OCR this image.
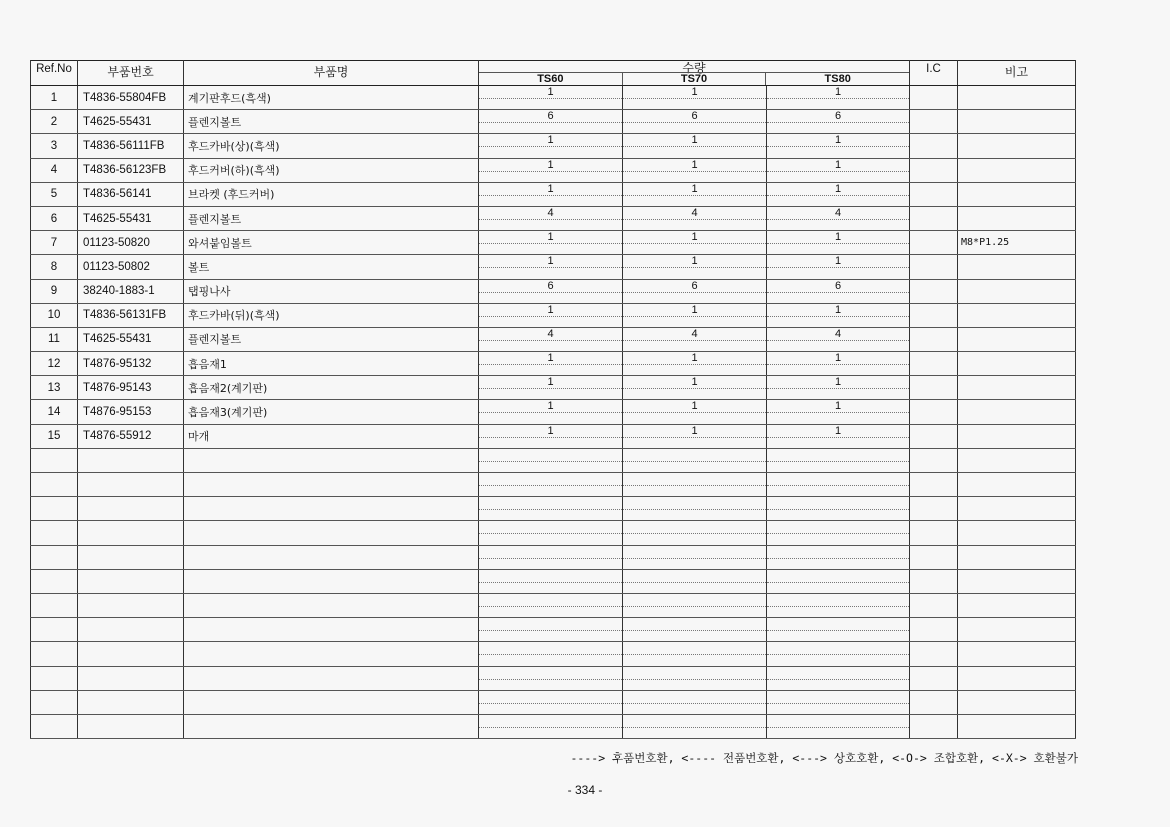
Ref.No	부품번호	부품명	수량
TS60 TS70 TS80			I.C	비고
1	T4836-55804FB	계기판후드(흑색)	1	1	1		

2	T4625-55431	플렌지볼트	6	6	6		

3	T4836-56111FB	후드카바(상)(흑색)	1	1	1		

4	T4836-56123FB	후드커버(하)(흑색)	1	1	1		

5	T4836-56141	브라켓 (후드커버)	1	1	1		

6	T4625-55431	플렌지볼트	4	4	4		

7	01123-50820	와셔붙임볼트	1	1	1		M8*P1.25
8	01123-50802	볼트	1	1	1		

9	38240-1883-1	탭핑나사	6	6	6		

10	T4836-56131FB	후드카바(뒤)(흑색)	1	1	1		

11	T4625-55431	플렌지볼트	4	4	4		

12	T4876-95132	흡음재1	1	1	1		

13	T4876-95143	흡음재2(계기판)	1	1	1		

14	T4876-95153	흡음재3(계기판)	1	1	1		

15	T4876-55912	마개	1	1	1		

----> 후품번호환, <---- 전품번호환, <---> 상호호환, <-O-> 조합호환, <-X-> 호환불가
- 334 -
